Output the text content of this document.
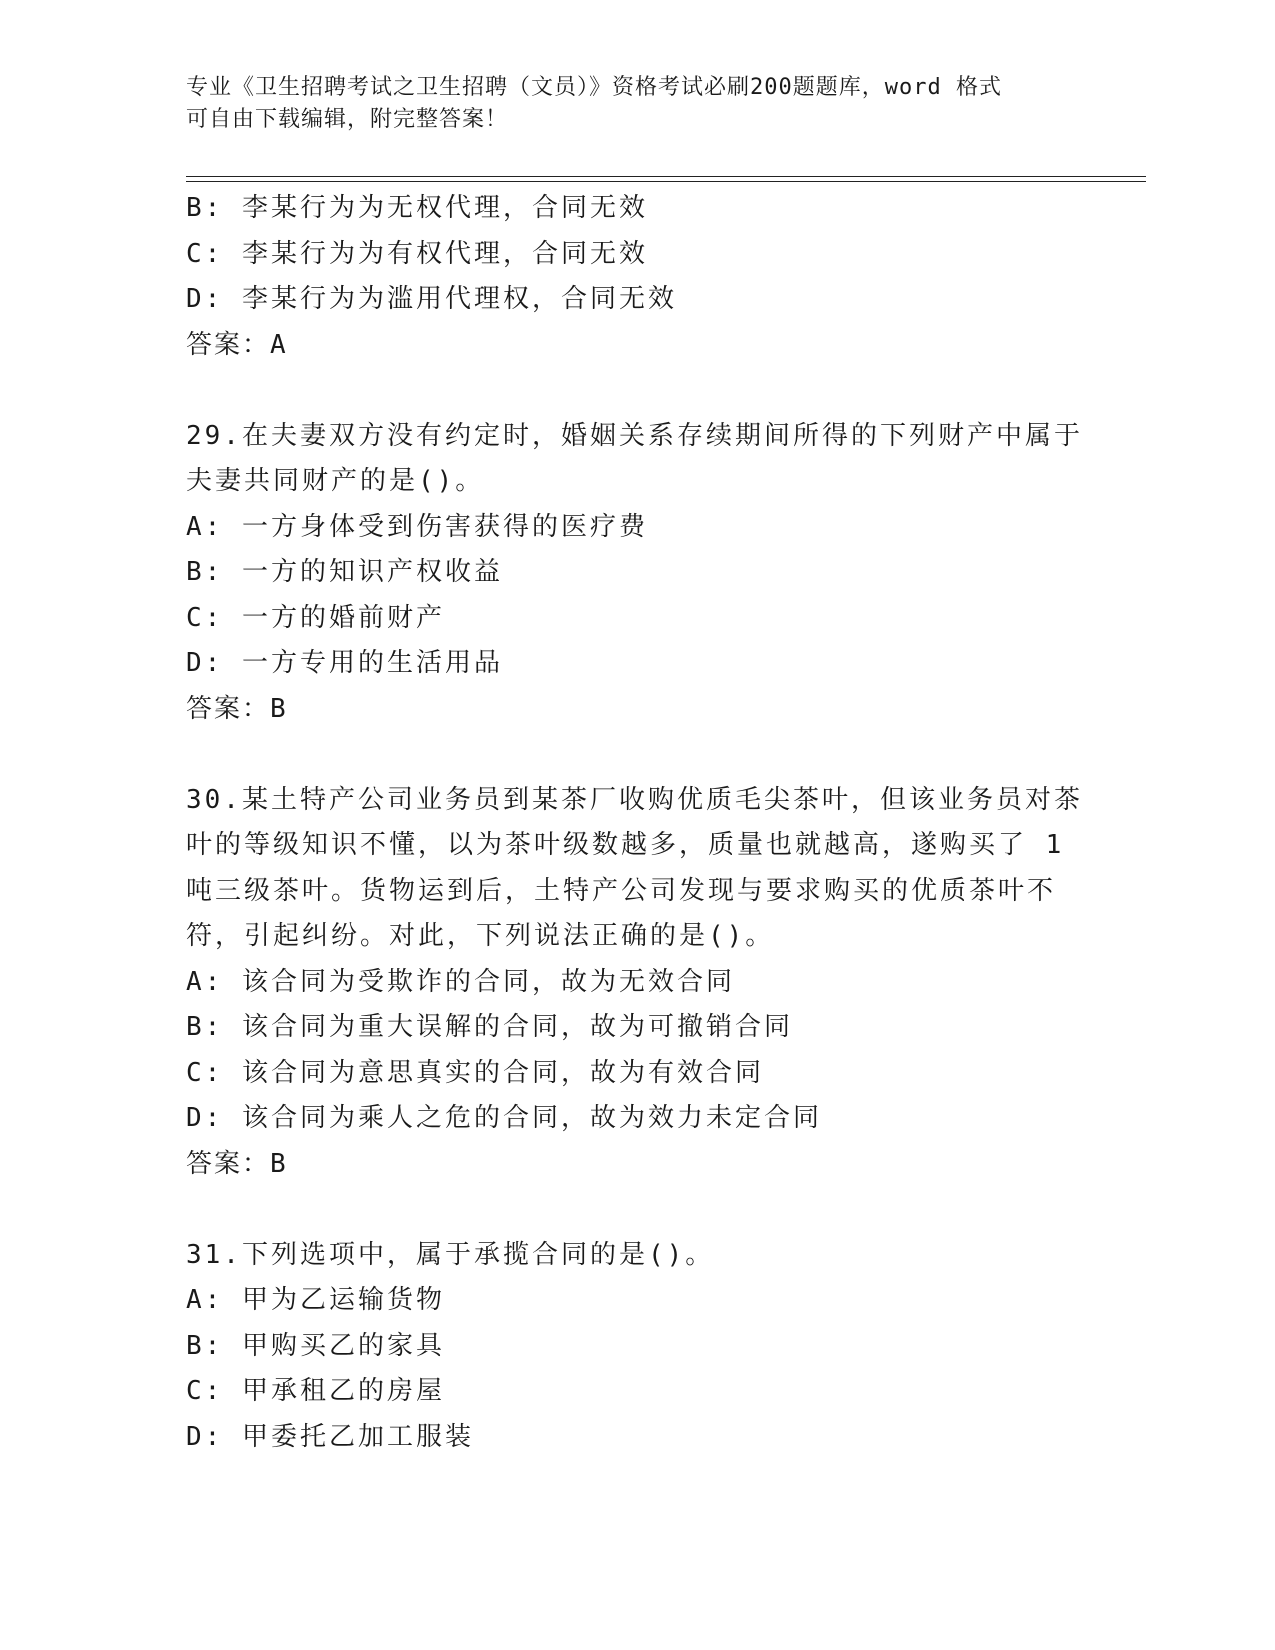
专业《卫生招聘考试之卫生招聘（文员）》资格考试必刷200题题库，word 格式
可自由下载编辑，附完整答案！
B: 李某行为为无权代理，合同无效
C: 李某行为为有权代理，合同无效
D: 李某行为为滥用代理权，合同无效
答案：A
29.在夫妻双方没有约定时，婚姻关系存续期间所得的下列财产中属于
夫妻共同财产的是()。
A: 一方身体受到伤害获得的医疗费
B: 一方的知识产权收益
C: 一方的婚前财产
D: 一方专用的生活用品
答案：B
30.某土特产公司业务员到某茶厂收购优质毛尖茶叶，但该业务员对茶
叶的等级知识不懂，以为茶叶级数越多，质量也就越高，遂购买了 1
吨三级茶叶。货物运到后，土特产公司发现与要求购买的优质茶叶不
符，引起纠纷。对此，下列说法正确的是()。
A: 该合同为受欺诈的合同，故为无效合同
B: 该合同为重大误解的合同，故为可撤销合同
C: 该合同为意思真实的合同，故为有效合同
D: 该合同为乘人之危的合同，故为效力未定合同
答案：B
31.下列选项中，属于承揽合同的是()。
A: 甲为乙运输货物
B: 甲购买乙的家具
C: 甲承租乙的房屋
D: 甲委托乙加工服装
